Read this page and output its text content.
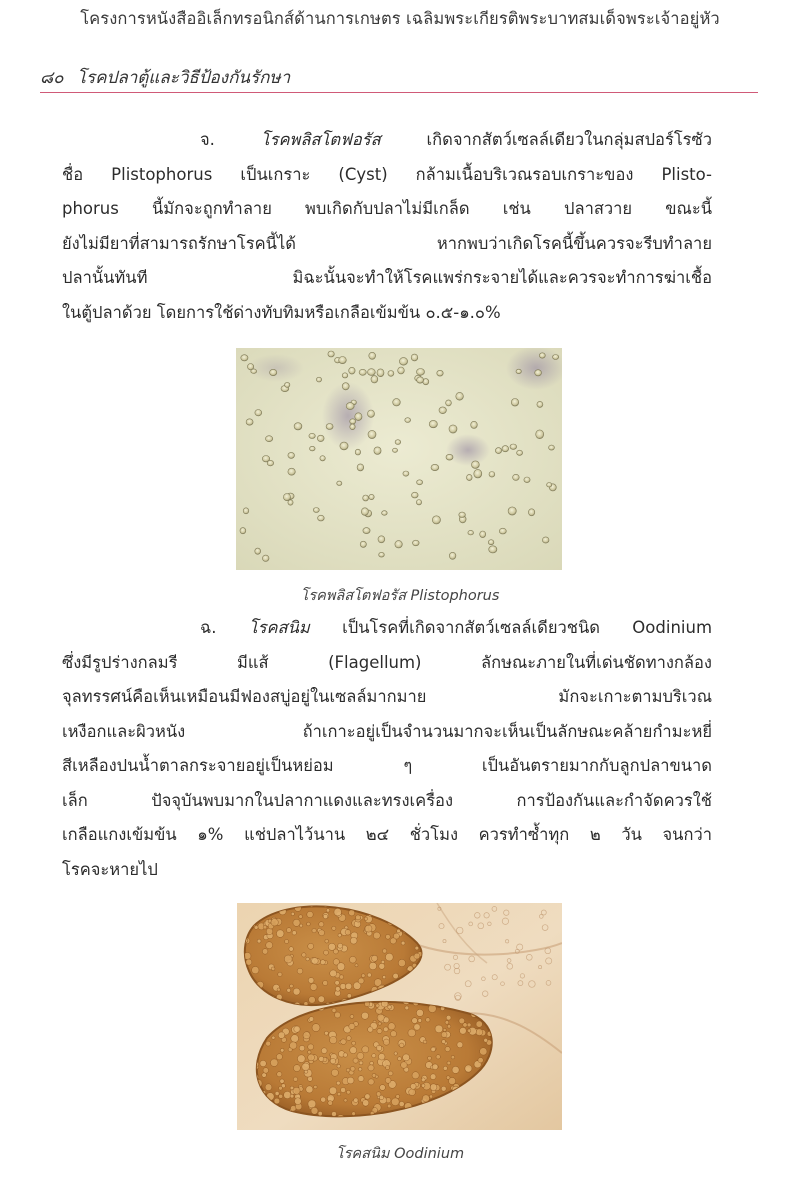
โครงการหนังสืออิเล็กทรอนิกส์ด้านการเกษตร เฉลิมพระเกียรติพระบาทสมเด็จพระเจ้าอยู่หัว
๘๐ โรคปลาตู้และวิธีป้องกันรักษา
จ.	โรคพลิสโตฟอรัส	เกิดจากสัตว์เซลล์เดียวในกลุ่มสปอร์โรซัว
ชื่อ Plistophorus เป็นเกราะ (Cyst) กล้ามเนื้อบริเวณรอบเกราะของ Plisto-
phorus นี้มักจะถูกทำลาย พบเกิดกับปลาไม่มีเกล็ด เช่น ปลาสวาย ขณะนี้
ยังไม่มียาที่สามารถรักษาโรคนี้ได้ หากพบว่าเกิดโรคนี้ขึ้นควรจะรีบทำลาย
ปลานั้นทันที มิฉะนั้นจะทำให้โรคแพร่กระจายได้และควรจะทำการฆ่าเชื้อ
ในตู้ปลาด้วย โดยการใช้ด่างทับทิมหรือเกลือเข้มข้น ๐.๕-๑.๐%
โรคพลิสโตฟอรัส Plistophorus
ฉ. โรคสนิม เป็นโรคที่เกิดจากสัตว์เซลล์เดียวชนิด Oodinium
ซึ่งมีรูปร่างกลมรี มีแส้ (Flagellum) ลักษณะภายในที่เด่นชัดทางกล้อง
จุลทรรศน์คือเห็นเหมือนมีฟองสบู่อยู่ในเซลล์มากมาย มักจะเกาะตามบริเวณ
เหงือกและผิวหนัง ถ้าเกาะอยู่เป็นจำนวนมากจะเห็นเป็นลักษณะคล้ายกำมะหยี่
สีเหลืองปนน้ำตาลกระจายอยู่เป็นหย่อม ๆ เป็นอันตรายมากกับลูกปลาขนาด
เล็ก ปัจจุบันพบมากในปลากาแดงและทรงเครื่อง การป้องกันและกำจัดควรใช้
เกลือแกงเข้มข้น ๑% แช่ปลาไว้นาน ๒๔ ชั่วโมง ควรทำซ้ำทุก ๒ วัน จนกว่า
โรคจะหายไป
โรคสนิม Oodinium
